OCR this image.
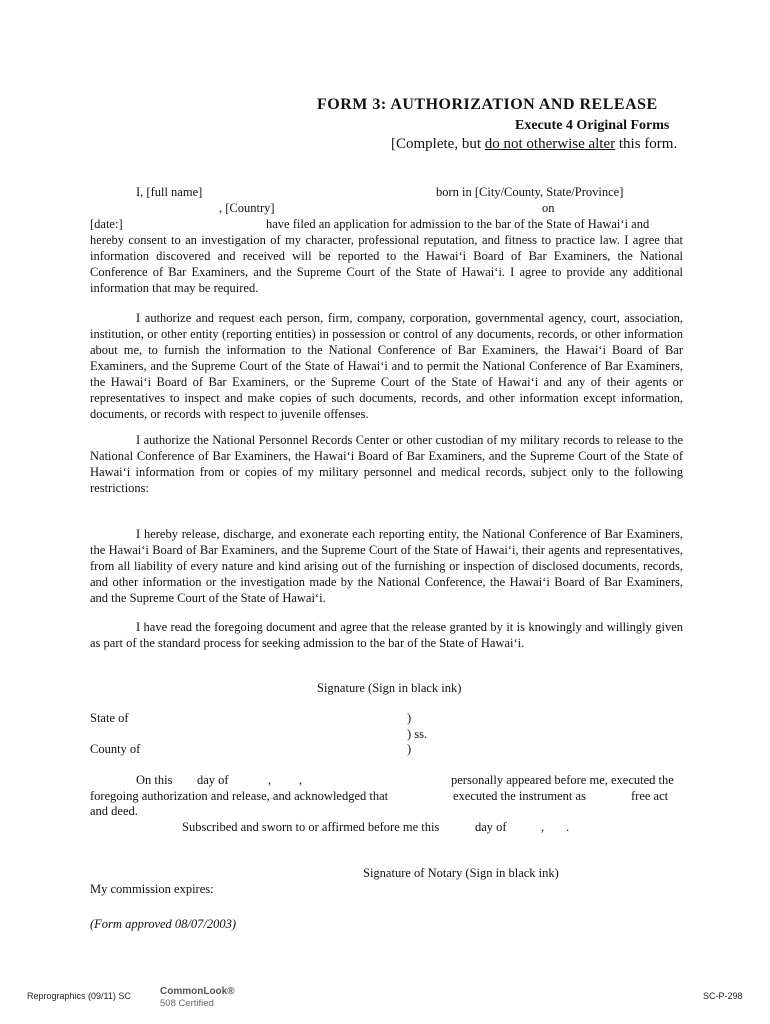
FORM 3: AUTHORIZATION AND RELEASE
Execute 4 Original Forms
[Complete, but do not otherwise alter this form.
I, [full name]	born in [City/County, State/Province]
, [Country]	on
[date:]	have filed an application for admission to the bar of the State of Hawaiʻi and

hereby consent to an investigation of my character, professional reputation, and fitness to practice law. I agree that information discovered and received will be reported to the Hawaiʻi Board of Bar Examiners, the National Conference of Bar Examiners, and the Supreme Court of the State of Hawaiʻi. I agree to provide any additional information that may be required.

I authorize and request each person, firm, company, corporation, governmental agency, court, association, institution, or other entity (reporting entities) in possession or control of any documents, records, or other information about me, to furnish the information to the National Conference of Bar Examiners, the Hawaiʻi Board of Bar Examiners, and the Supreme Court of the State of Hawaiʻi and to permit the National Conference of Bar Examiners, the Hawaiʻi Board of Bar Examiners, or the Supreme Court of the State of Hawaiʻi and any of their agents or representatives to inspect and make copies of such documents, records, and other information except information, documents, or records with respect to juvenile offenses.

I authorize the National Personnel Records Center or other custodian of my military records to release to the National Conference of Bar Examiners, the Hawaiʻi Board of Bar Examiners, and the Supreme Court of the State of Hawaiʻi information from or copies of my military personnel and medical records, subject only to the following restrictions:

I hereby release, discharge, and exonerate each reporting entity, the National Conference of Bar Examiners, the Hawaiʻi Board of Bar Examiners, and the Supreme Court of the State of Hawaiʻi, their agents and representatives, from all liability of every nature and kind arising out of the furnishing or inspection of disclosed documents, records, and other information or the investigation made by the National Conference, the Hawaiʻi Board of Bar Examiners, and the Supreme Court of the State of Hawaiʻi.

I have read the foregoing document and agree that the release granted by it is knowingly and willingly given as part of the standard process for seeking admission to the bar of the State of Hawaiʻi.

Signature (Sign in black ink)
State of	)
) ss.
County of	)
On this day of	, ,	personally appeared before me, executed the
foregoing authorization and release, and acknowledged that	executed the instrument as	free act
and deed.
Subscribed and sworn to or affirmed before me this	day of	, .
Signature of Notary (Sign in black ink)
My commission expires:
(Form approved 08/07/2003)
Reprographics (09/11) SC	CommonLook®
508 Certified
SC-P-298
